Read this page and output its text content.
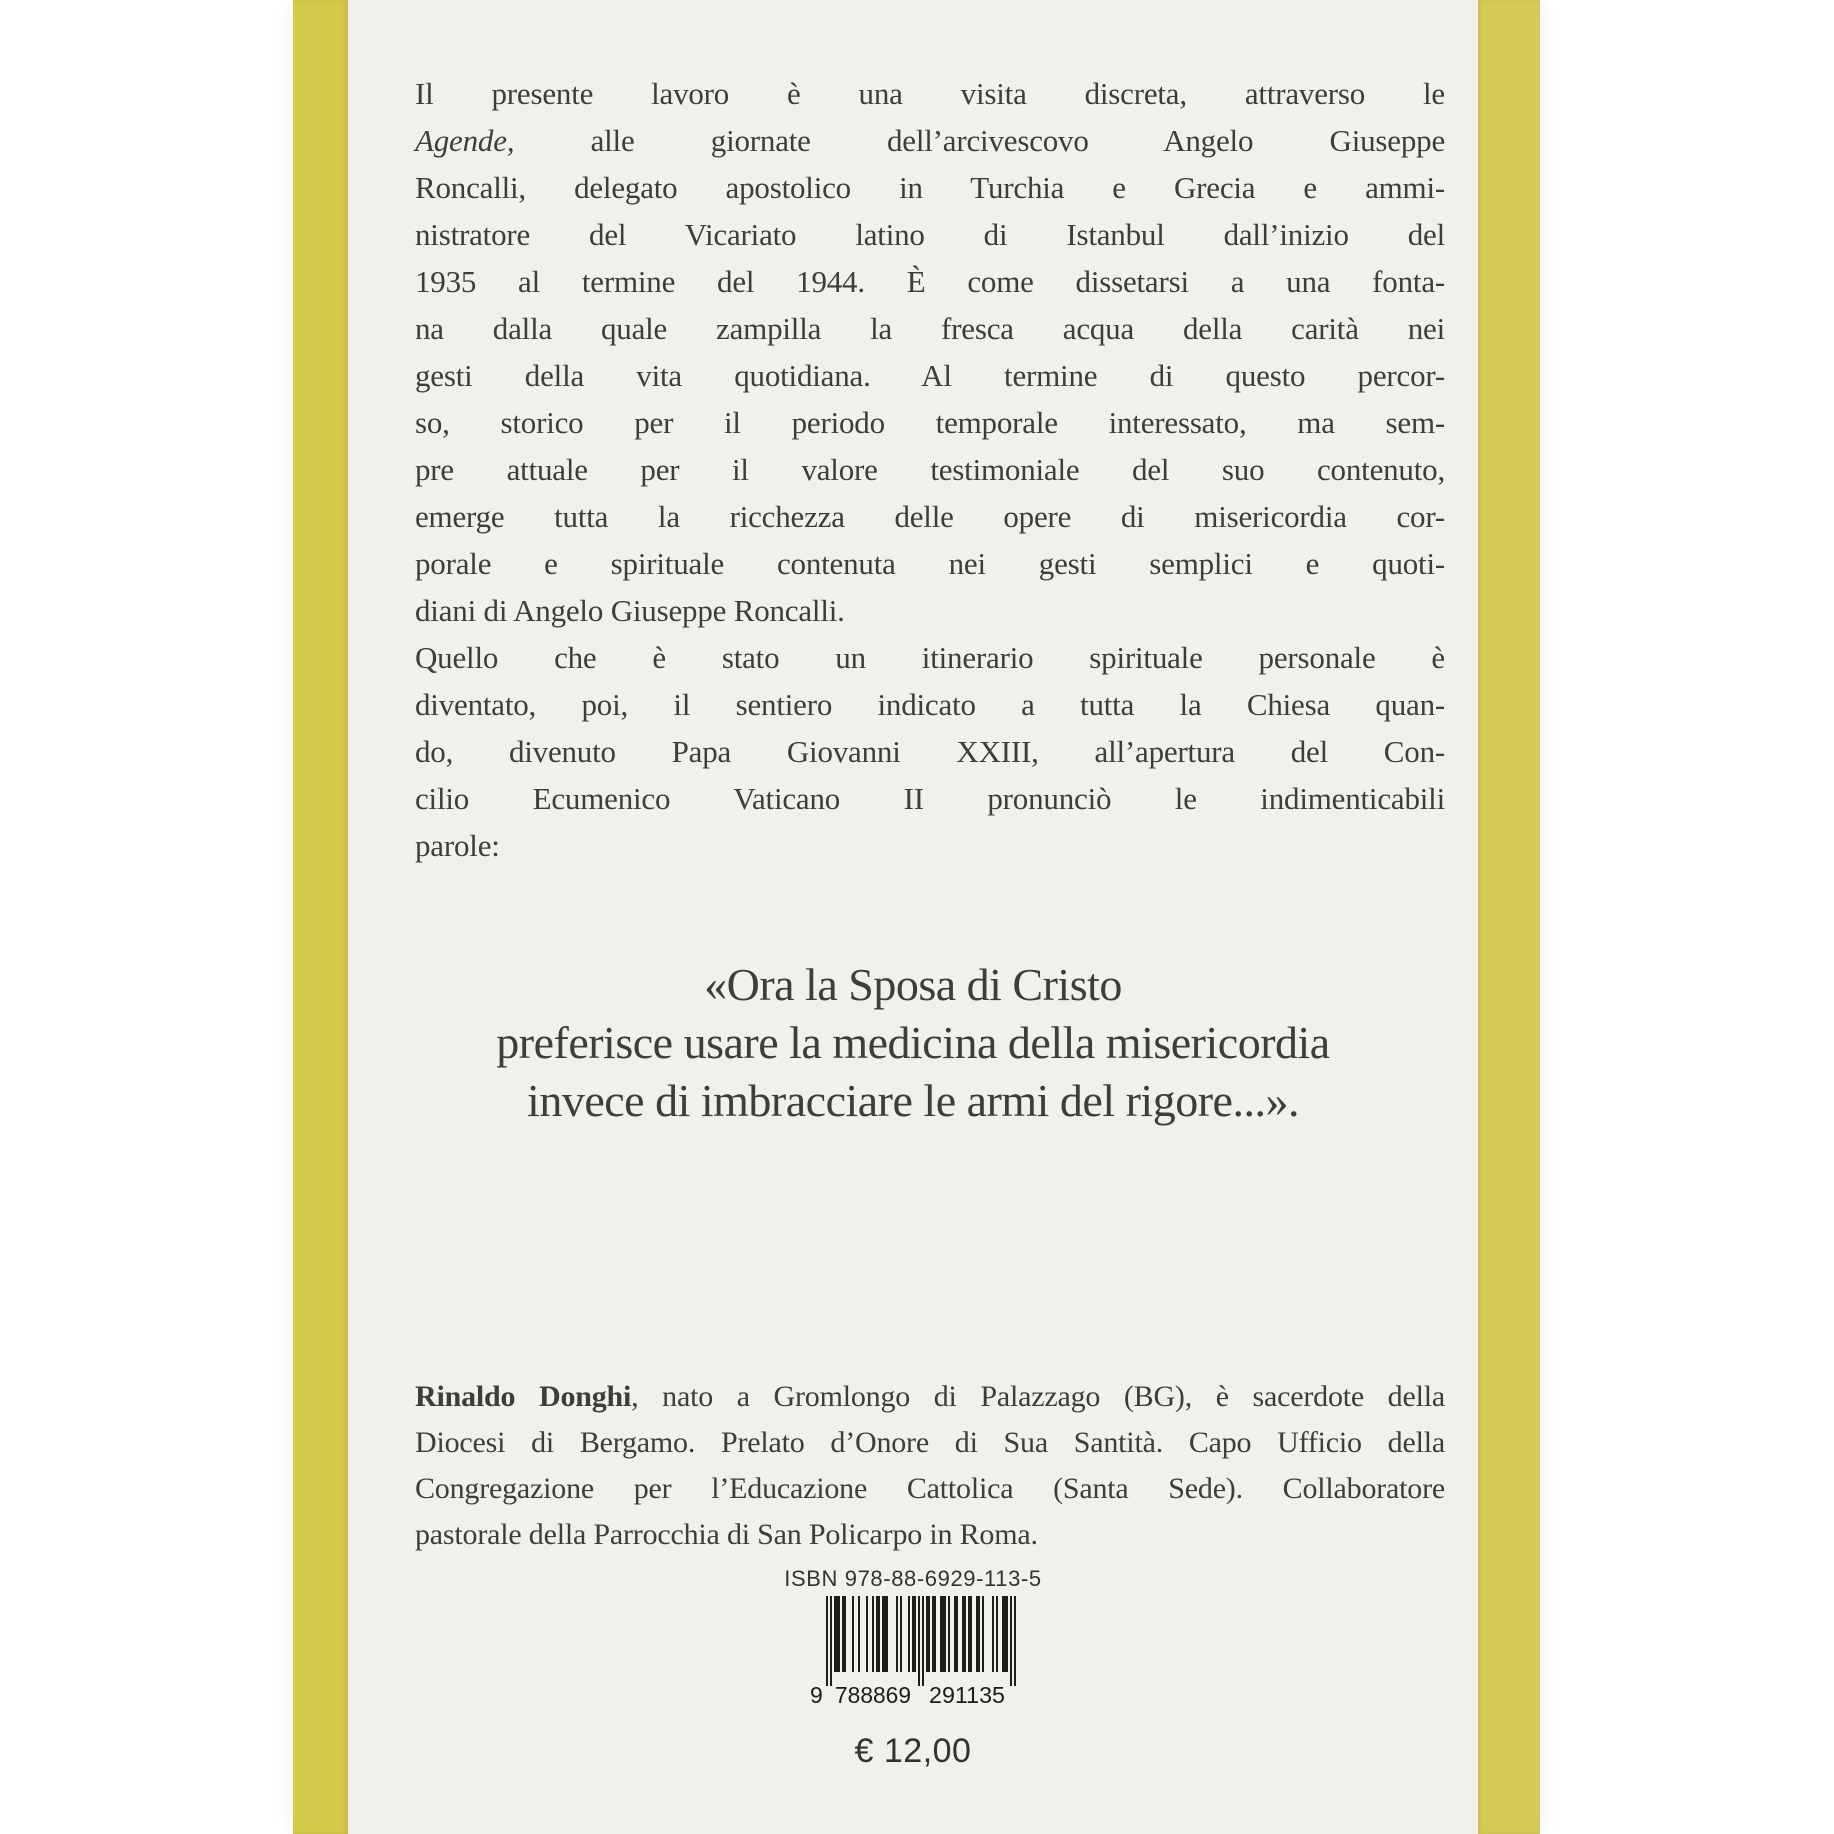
Il presente lavoro è una visita discreta, attraverso le
Agende, alle giornate dell’arcivescovo Angelo Giuseppe
Roncalli, delegato apostolico in Turchia e Grecia e ammi-
nistratore del Vicariato latino di Istanbul dall’inizio del
1935 al termine del 1944. È come dissetarsi a una fonta-
na dalla quale zampilla la fresca acqua della carità nei
gesti della vita quotidiana. Al termine di questo percor-
so, storico per il periodo temporale interessato, ma sem-
pre attuale per il valore testimoniale del suo contenuto,
emerge tutta la ricchezza delle opere di misericordia cor-
porale e spirituale contenuta nei gesti semplici e quoti-
diani di Angelo Giuseppe Roncalli.
Quello che è stato un itinerario spirituale personale è
diventato, poi, il sentiero indicato a tutta la Chiesa quan-
do, divenuto Papa Giovanni XXIII, all’apertura del Con-
cilio Ecumenico Vaticano II pronunciò le indimenticabili
parole:
«Ora la Sposa di Cristo
preferisce usare la medicina della misericordia
invece di imbracciare le armi del rigore...».
Rinaldo Donghi, nato a Gromlongo di Palazzago (BG), è sacerdote della
Diocesi di Bergamo. Prelato d’Onore di Sua Santità. Capo Ufficio della
Congregazione per l’Educazione Cattolica (Santa Sede). Collaboratore
pastorale della Parrocchia di San Policarpo in Roma.
ISBN 978-88-6929-113-5
9 788869 291135
€ 12,00
